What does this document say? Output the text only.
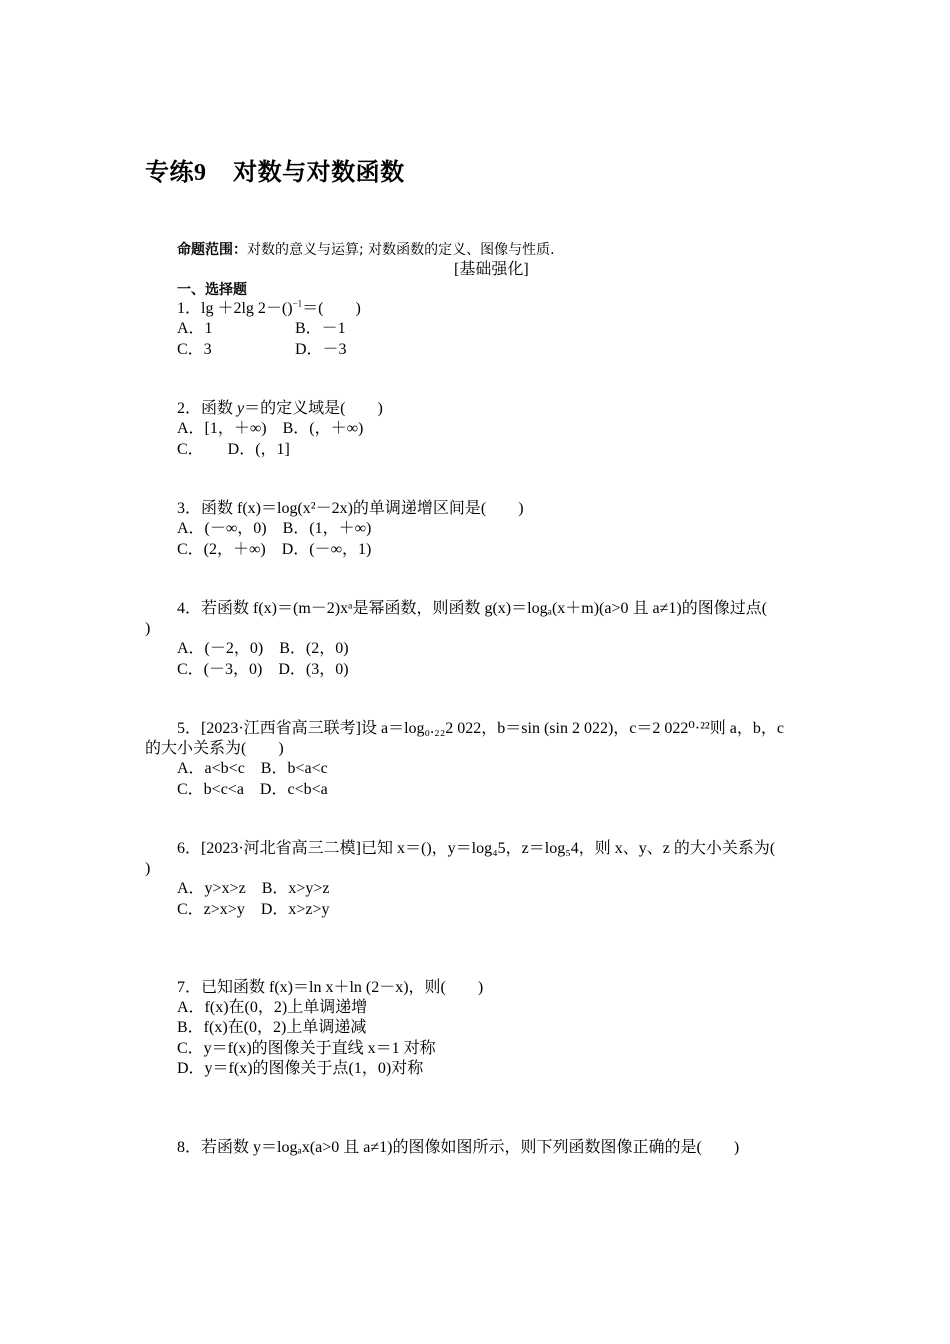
专练9 对数与对数函数
命题范围：对数的意义与运算; 对数函数的定义、图像与性质.
[基础强化]
一、选择题
1．lg ＋2lg 2－()$^{-1}$＝(　　)
A．1	B．－1
C．3	D．－3
2．函数 y＝的定义域是(　　)
A．[1，＋∞)　B．(，＋∞)
C．　　D．(，1]
3．函数 f(x)＝log(x²－2x)的单调递增区间是(　　)
A．(－∞，0)　B．(1，＋∞)
C．(2，＋∞)　D．(－∞，1)
4．若函数 f(x)＝(m－2)xᵃ是幂函数，则函数 g(x)＝logₐ(x＋m)(a>0 且 a≠1)的图像过点(
)
A．(－2，0)　B．(2，0)
C．(－3，0)　D．(3，0)
5．[2023·江西省高三联考]设 a＝log₀.₂₂2 022，b＝sin (sin 2 022)，c＝2 022⁰·²²则 a，b，c
的大小关系为(　　)
A．a<b<c　B．b<a<c
C．b<c<a　D．c<b<a
6．[2023·河北省高三二模]已知 x＝()，y＝log₄5，z＝log₅4，则 x、y、z 的大小关系为(
)
A．y>x>z　B．x>y>z
C．z>x>y　D．x>z>y
7．已知函数 f(x)＝ln x＋ln (2－x)，则(　　)
A．f(x)在(0，2)上单调递增
B．f(x)在(0，2)上单调递减
C．y＝f(x)的图像关于直线 x＝1 对称
D．y＝f(x)的图像关于点(1，0)对称
8．若函数 y＝logₐx(a>0 且 a≠1)的图像如图所示，则下列函数图像正确的是(　　)
